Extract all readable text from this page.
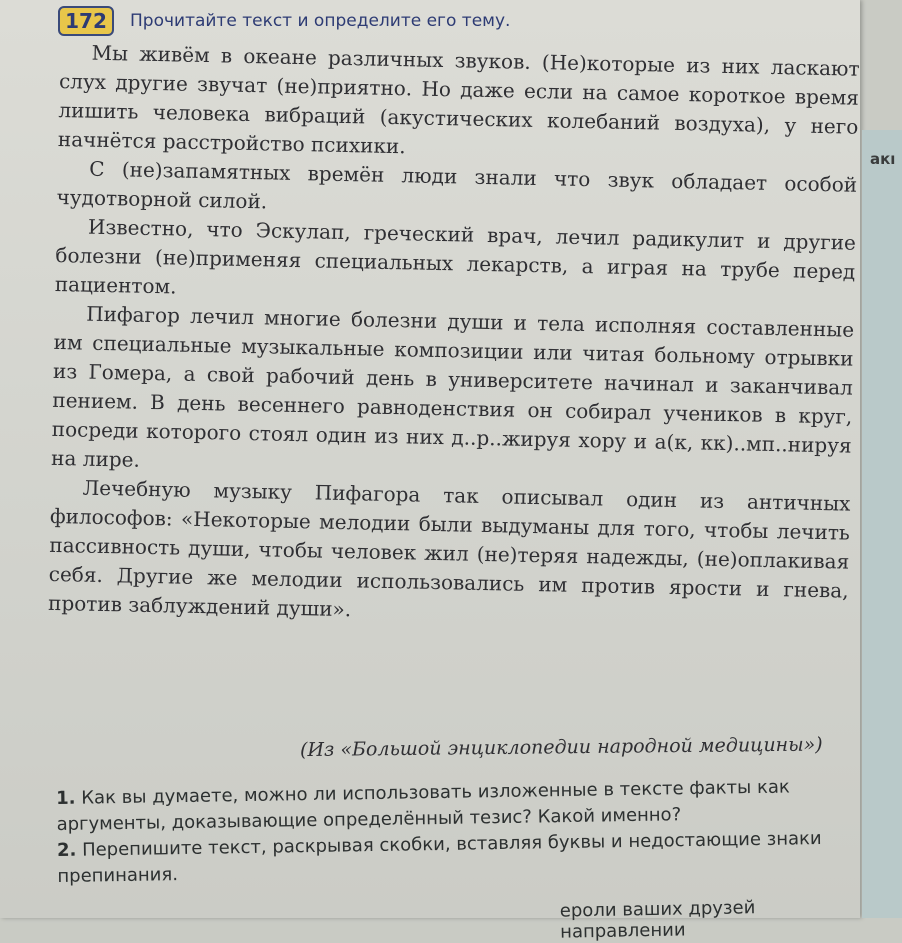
172	Прочитайте текст и определите его тему.

Мы живём в океане различных звуков. (Не)которые из них ласкают слух другие звучат (не)приятно. Но даже если на самое короткое время лишить человека вибраций (акустических колебаний воздуха), у него начнётся расстройство психики.

С (не)запамятных времён люди знали что звук обладает особой чудотворной силой.

Известно, что Эскулап, греческий врач, лечил радикулит и другие болезни (не)применяя специальных лекарств, а играя на трубе перед пациентом.

Пифагор лечил многие болезни души и тела исполняя составленные им специальные музыкальные композиции или читая больному отрывки из Гомера, а свой рабочий день в университете начинал и заканчивал пением. В день весеннего равноденствия он собирал учеников в круг, посреди которого стоял один из них д..р..жируя хору и а(к, кк)..мп..нируя на лире.

Лечебную музыку Пифагора так описывал один из античных философов: «Некоторые мелодии были выдуманы для того, чтобы лечить пассивность души, чтобы человек жил (не)теряя надежды, (не)оплакивая себя. Другие же мелодии использовались им против ярости и гнева, против заблуждений души».

(Из «Большой энциклопедии народной медицины»)

1. Как вы думаете, можно ли использовать изложенные в тексте факты как аргументы, доказывающие определённый тезис? Какой именно?

2. Перепишите текст, раскрывая скобки, вставляя буквы и недостающие знаки препинания.

ероли ваших друзей направлении
акı
